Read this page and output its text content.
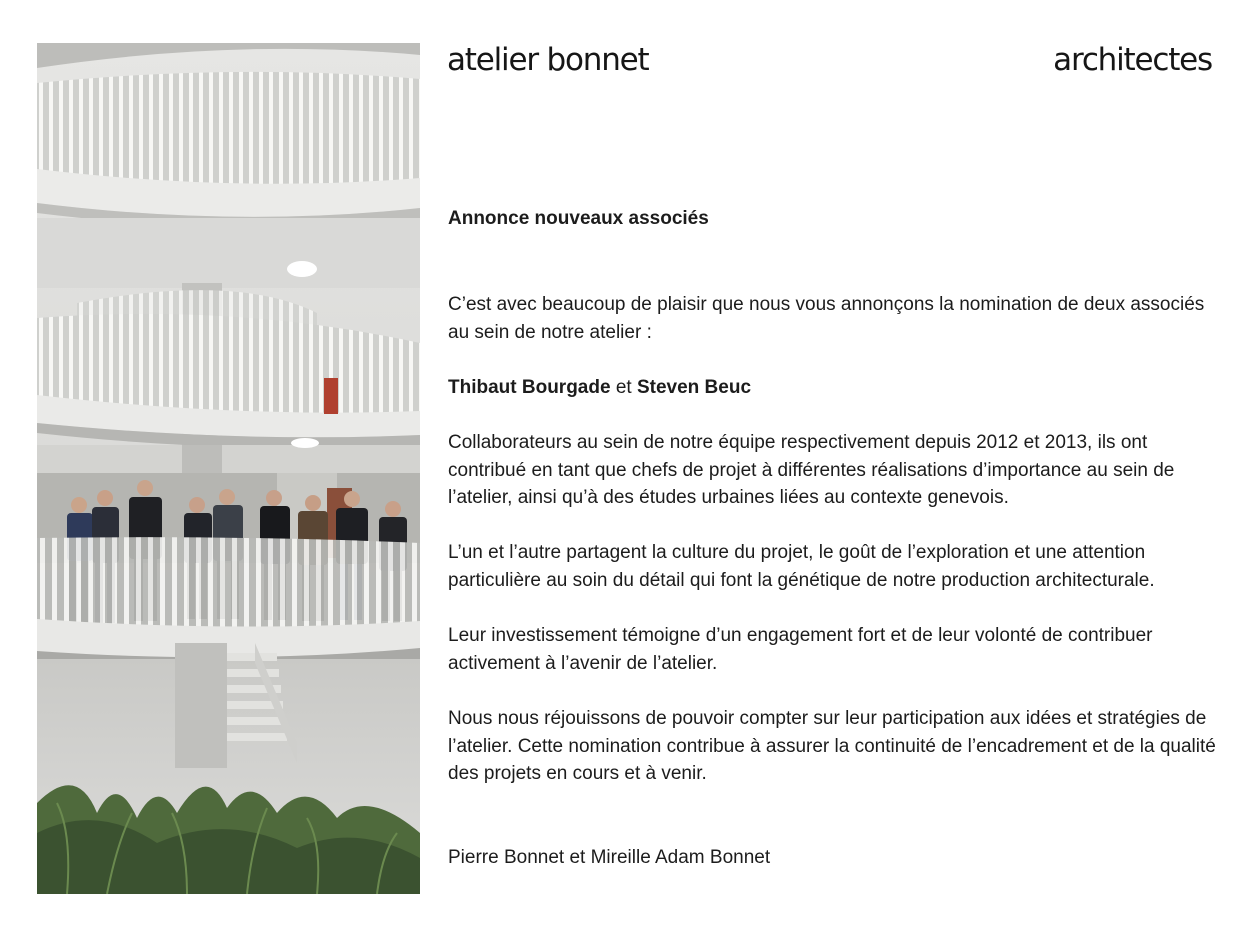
atelier bonnet	architectes
Annonce nouveaux associés

C’est avec beaucoup de plaisir que nous vous annonçons la nomination de deux associés au sein de notre atelier :

Thibaut Bourgade et Steven Beuc

Collaborateurs au sein de notre équipe respectivement depuis 2012 et 2013, ils ont contribué en tant que chefs de projet à différentes réalisations d’importance au sein de l’atelier, ainsi qu’à des études urbaines liées au contexte genevois.

L’un et l’autre partagent la culture du projet, le goût de l’exploration et une attention particulière au soin du détail qui font la génétique de notre production architecturale.

Leur investissement témoigne d’un engagement fort et de leur volonté de contribuer activement à l’avenir de l’atelier.

Nous nous réjouissons de pouvoir compter sur leur participation aux idées et stratégies de l’atelier. Cette nomination contribue à assurer la continuité de l’encadrement et de la qualité des projets en cours et à venir.

Pierre Bonnet et Mireille Adam Bonnet
